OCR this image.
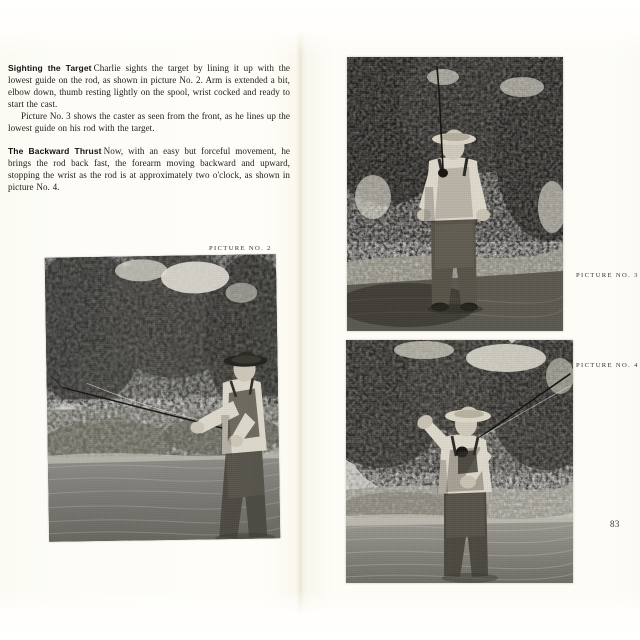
Sighting the Target Charlie sights the target by lining it up with the lowest guide on the rod, as shown in picture No. 2. Arm is extended a bit, elbow down, thumb resting lightly on the spool, wrist cocked and ready to start the cast.

Picture No. 3 shows the caster as seen from the front, as he lines up the lowest guide on his rod with the target.

The Backward Thrust Now, with an easy but forceful movement, he brings the rod back fast, the forearm moving backward and upward, stopping the wrist as the rod is at approximately two o'clock, as shown in picture No. 4.

PICTURE NO. 2
PICTURE NO. 3
PICTURE NO. 4
83
